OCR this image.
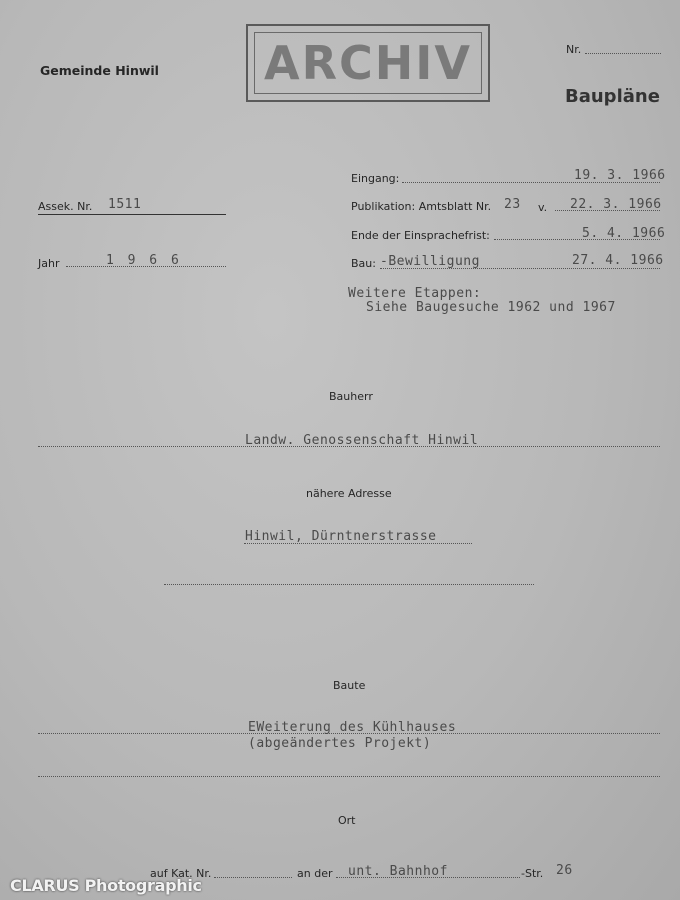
Gemeinde Hinwil ARCHIV	Nr.
Baupläne
Assek. Nr. 1511
Jahr	1 9 6 6
Eingang:	19. 3. 1966
Publikation: Amtsblatt Nr. 23 v. 22. 3. 1966
Ende der Einsprachefrist:	5. 4. 1966
Bau: -Bewilligung	27. 4. 1966
Weitere Etappen:
Siehe Baugesuche 1962 und 1967
Bauherr
Landw. Genossenschaft Hinwil
nähere Adresse
Hinwil, Dürntnerstrasse
Baute
EWeiterung des Kühlhauses
(abgeändertes Projekt)
Ort
auf Kat. Nr.	an der unt. Bahnhof	-Str. 26
CLARUS Photographic
